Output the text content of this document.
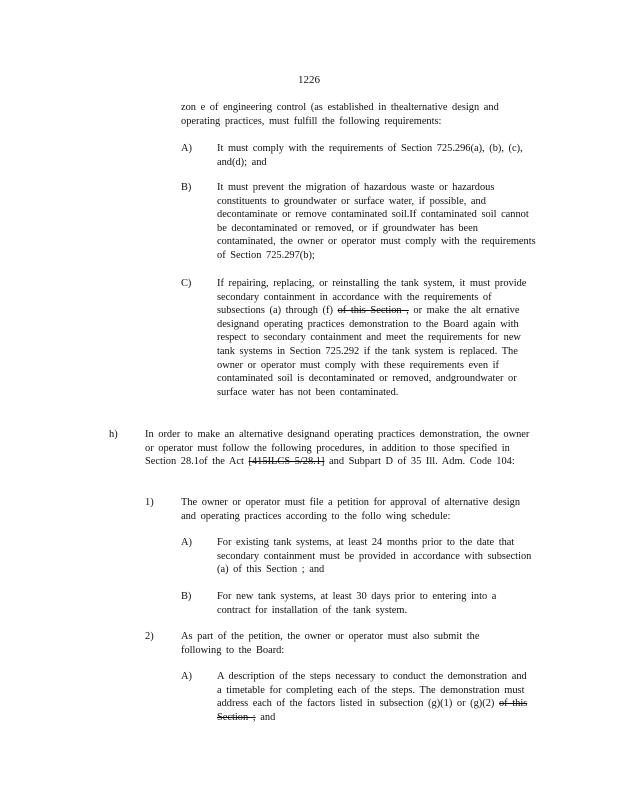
1226
zon e of engineering control (as established in thealternative design and operating practices, must fulfill the following requirements:
A) It must comply with the requirements of Section 725.296(a), (b), (c), and(d); and
B) It must prevent the migration of hazardous waste or hazardous constituents to groundwater or surface water, if possible, and decontaminate or remove contaminated soil.If contaminated soil cannot be decontaminated or removed, or if groundwater has been contaminated, the owner or operator must comply with the requirements of Section 725.297(b);
C) If repairing, replacing, or reinstalling the tank system, it must provide secondary containment in accordance with the requirements of subsections (a) through (f) of this Section , or make the alt ernative designand operating practices demonstration to the Board again with respect to secondary containment and meet the requirements for new tank systems in Section 725.292 if the tank system is replaced. The owner or operator must comply with these requirements even if contaminated soil is decontaminated or removed, andgroundwater or surface water has not been contaminated.
h)	In order to make an alternative designand operating practices demonstration, the owner or operator must follow the following procedures, in addition to those specified in Section 28.1of the Act [415ILCS 5/28.1] and Subpart D of 35 Ill. Adm. Code 104:
1)	The owner or operator must file a petition for approval of alternative design and operating practices according to the follo wing schedule:
A) For existing tank systems, at least 24 months prior to the date that secondary containment must be provided in accordance with subsection (a) of this Section ; and
B) For new tank systems, at least 30 days prior to entering into a contract for installation of the tank system.
2)	As part of the petition, the owner or operator must also submit the following to the Board:
A) A description of the steps necessary to conduct the demonstration and a timetable for completing each of the steps. The demonstration must address each of the factors listed in subsection (g)(1) or (g)(2) of this Section ; and
